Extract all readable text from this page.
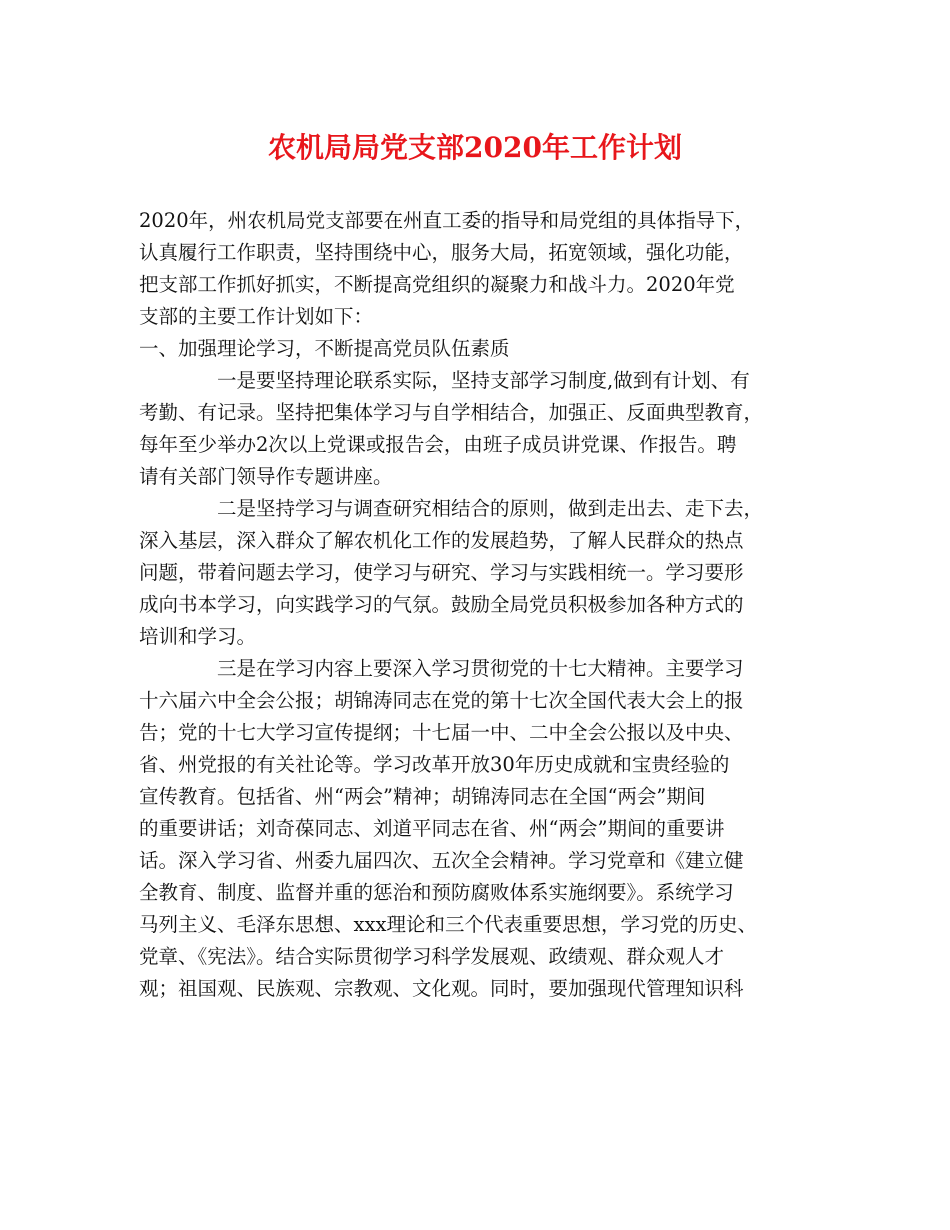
农机局局党支部2020年工作计划
2020年，州农机局党支部要在州直工委的指导和局党组的具体指导下，
认真履行工作职责，坚持围绕中心，服务大局，拓宽领域，强化功能，
把支部工作抓好抓实，不断提高党组织的凝聚力和战斗力。2020年党
支部的主要工作计划如下：
一、加强理论学习，不断提高党员队伍素质
一是要坚持理论联系实际，坚持支部学习制度,做到有计划、有
考勤、有记录。坚持把集体学习与自学相结合，加强正、反面典型教育，
每年至少举办2次以上党课或报告会，由班子成员讲党课、作报告。聘
请有关部门领导作专题讲座。
二是坚持学习与调查研究相结合的原则，做到走出去、走下去，
深入基层，深入群众了解农机化工作的发展趋势，了解人民群众的热点
问题，带着问题去学习，使学习与研究、学习与实践相统一。学习要形
成向书本学习，向实践学习的气氛。鼓励全局党员积极参加各种方式的
培训和学习。
三是在学习内容上要深入学习贯彻党的十七大精神。主要学习
十六届六中全会公报；胡锦涛同志在党的第十七次全国代表大会上的报
告；党的十七大学习宣传提纲；十七届一中、二中全会公报以及中央、
省、州党报的有关社论等。学习改革开放30年历史成就和宝贵经验的
宣传教育。包括省、州“两会”精神；胡锦涛同志在全国“两会”期间
的重要讲话；刘奇葆同志、刘道平同志在省、州“两会”期间的重要讲
话。深入学习省、州委九届四次、五次全会精神。学习党章和《建立健
全教育、制度、监督并重的惩治和预防腐败体系实施纲要》。系统学习
马列主义、毛泽东思想、xxx理论和三个代表重要思想，学习党的历史、
党章、《宪法》。结合实际贯彻学习科学发展观、政绩观、群众观人才
观；祖国观、民族观、宗教观、文化观。同时，要加强现代管理知识科
